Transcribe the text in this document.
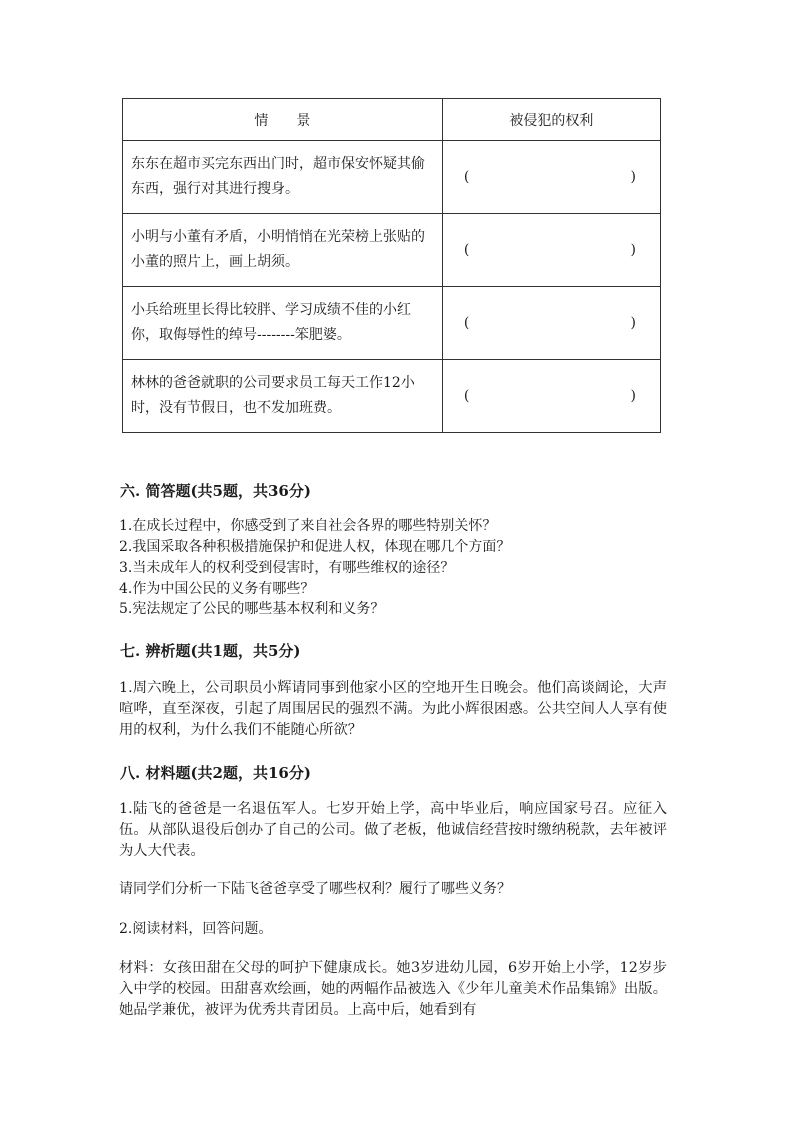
情　　景	被侵犯的权利
东东在超市买完东西出门时，超市保安怀疑其偷东西，强行对其进行搜身。	( )

小明与小董有矛盾，小明悄悄在光荣榜上张贴的小董的照片上，画上胡须。	( )

小兵给班里长得比较胖、学习成绩不佳的小红你，取侮辱性的绰号--------笨肥婆。	( )

林林的爸爸就职的公司要求员工每天工作12小时，没有节假日，也不发加班费。	( )
六. 简答题(共5题，共36分)
1.在成长过程中，你感受到了来自社会各界的哪些特别关怀？
2.我国采取各种积极措施保护和促进人权，体现在哪几个方面？
3.当未成年人的权利受到侵害时，有哪些维权的途径？
4.作为中国公民的义务有哪些？
5.宪法规定了公民的哪些基本权利和义务？
七. 辨析题(共1题，共5分)
1.周六晚上，公司职员小辉请同事到他家小区的空地开生日晚会。他们高谈阔论，大声喧哗，直至深夜，引起了周围居民的强烈不满。为此小辉很困惑。公共空间人人享有使用的权利，为什么我们不能随心所欲？
八. 材料题(共2题，共16分)
1.陆飞的爸爸是一名退伍军人。七岁开始上学，高中毕业后，响应国家号召。应征入伍。从部队退役后创办了自己的公司。做了老板，他诚信经营按时缴纳税款，去年被评为人大代表。
请同学们分析一下陆飞爸爸享受了哪些权利？履行了哪些义务？
2.阅读材料，回答问题。
材料：女孩田甜在父母的呵护下健康成长。她3岁进幼儿园，6岁开始上小学，12岁步入中学的校园。田甜喜欢绘画，她的两幅作品被选入《少年儿童美术作品集锦》出版。她品学兼优，被评为优秀共青团员。上高中后，她看到有
